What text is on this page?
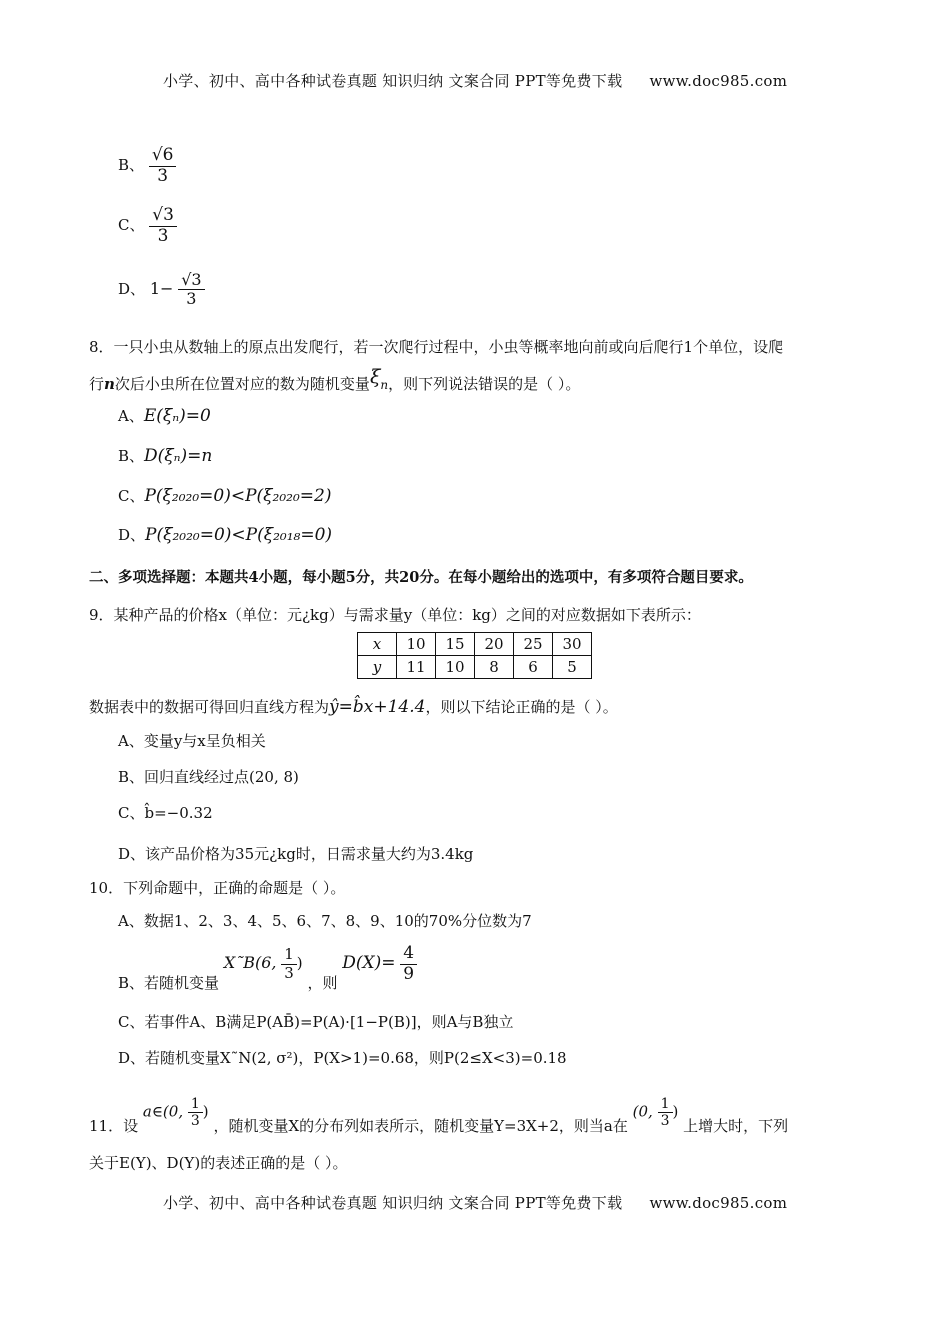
小学、初中、高中各种试卷真题 知识归纳 文案合同 PPT等免费下载 www.doc985.com
B、 $\frac{√6}{3}$
C、 $\frac{√3}{3}$
D、 $1- \frac{√3}{3}$
8．一只小虫从数轴上的原点出发爬行，若一次爬行过程中，小虫等概率地向前或向后爬行1个单位，设爬
行n次后小虫所在位置对应的数为随机变量ξn，则下列说法错误的是（ ）。
A、E(ξₙ)=0
B、D(ξₙ)=n
C、P(ξ₂₀₂₀=0)<P(ξ₂₀₂₀=2)
D、P(ξ₂₀₂₀=0)<P(ξ₂₀₁₈=0)
二、多项选择题：本题共4小题，每小题5分，共20分。在每小题给出的选项中，有多项符合题目要求。
9．某种产品的价格x（单位：元¿kg）与需求量y（单位：kg）之间的对应数据如下表所示：
x	10	15	20	25	30
y	11	10	8	6	5
数据表中的数据可得回归直线方程为ŷ=b̂x+14.4，则以下结论正确的是（ ）。
A、变量y与x呈负相关
B、回归直线经过点(20, 8)
C、b̂=−0.32
D、该产品价格为35元¿kg时，日需求量大约为3.4kg
10．下列命题中，正确的命题是（ ）。
A、数据1、2、3、4、5、6、7、8、9、10的70%分位数为7
B、若随机变量 X˜B(6, $\frac{1}{3}$ ) ，则 $D(X)= \frac{4}{9}$
C、若事件A、B满足P(AB̄)=P(A)·[1−P(B)]，则A与B独立
D、若随机变量X˜N(2, σ²)，P(X>1)=0.68，则P(2≤X<3)=0.18
11．设 a∈(0, $\frac{1}{3}$ ) ，随机变量X的分布列如表所示，随机变量Y=3X+2，则当a在 (0, $\frac{1}{3}$ ) 上增大时，下列
关于E(Y)、D(Y)的表述正确的是（ ）。
小学、初中、高中各种试卷真题 知识归纳 文案合同 PPT等免费下载 www.doc985.com
